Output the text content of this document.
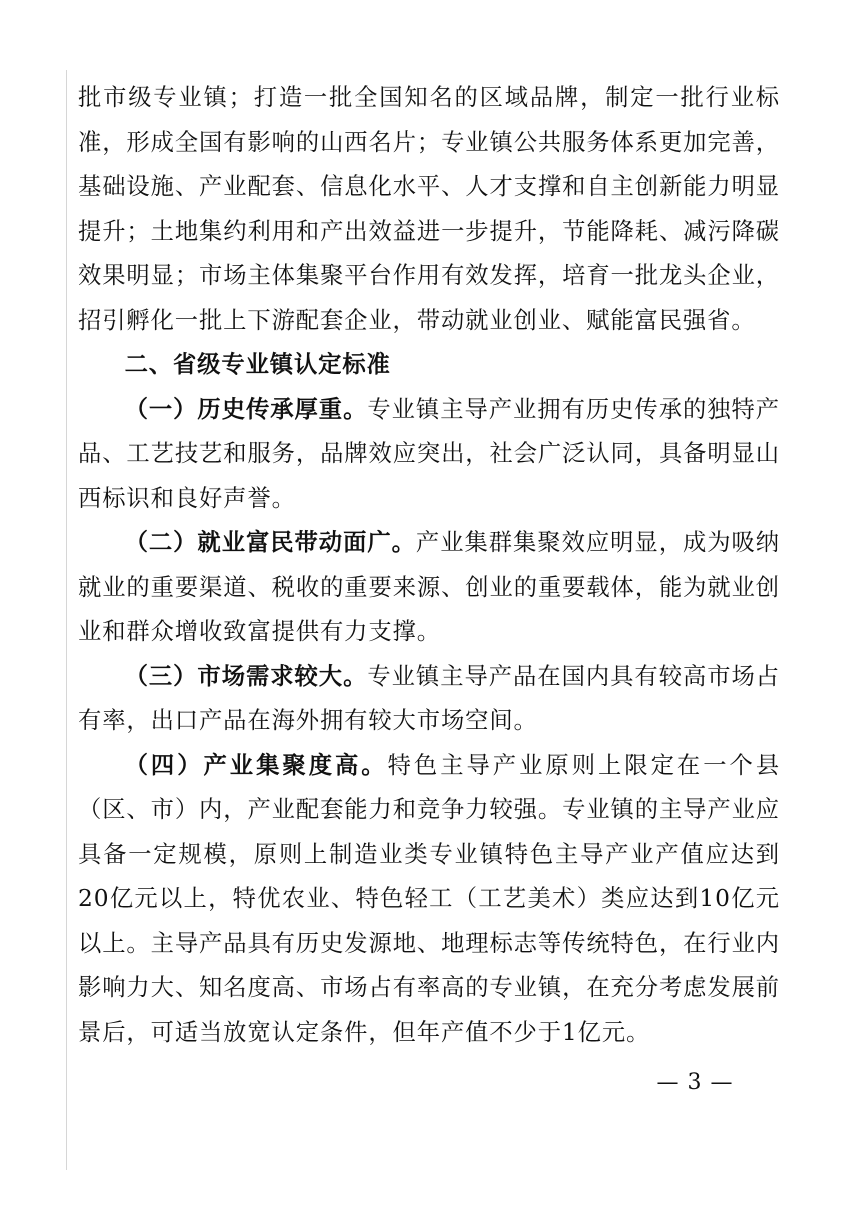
批市级专业镇；打造一批全国知名的区域品牌，制定一批行业标准，形成全国有影响的山西名片；专业镇公共服务体系更加完善，基础设施、产业配套、信息化水平、人才支撑和自主创新能力明显提升；土地集约利用和产出效益进一步提升，节能降耗、减污降碳效果明显；市场主体集聚平台作用有效发挥，培育一批龙头企业，招引孵化一批上下游配套企业，带动就业创业、赋能富民强省。

二、省级专业镇认定标准

（一）历史传承厚重。专业镇主导产业拥有历史传承的独特产品、工艺技艺和服务，品牌效应突出，社会广泛认同，具备明显山西标识和良好声誉。

（二）就业富民带动面广。产业集群集聚效应明显，成为吸纳就业的重要渠道、税收的重要来源、创业的重要载体，能为就业创业和群众增收致富提供有力支撑。

（三）市场需求较大。专业镇主导产品在国内具有较高市场占有率，出口产品在海外拥有较大市场空间。

（四）产业集聚度高。特色主导产业原则上限定在一个县（区、市）内，产业配套能力和竞争力较强。专业镇的主导产业应具备一定规模，原则上制造业类专业镇特色主导产业产值应达到20亿元以上，特优农业、特色轻工（工艺美术）类应达到10亿元以上。主导产品具有历史发源地、地理标志等传统特色，在行业内影响力大、知名度高、市场占有率高的专业镇，在充分考虑发展前景后，可适当放宽认定条件，但年产值不少于1亿元。

— 3 —
